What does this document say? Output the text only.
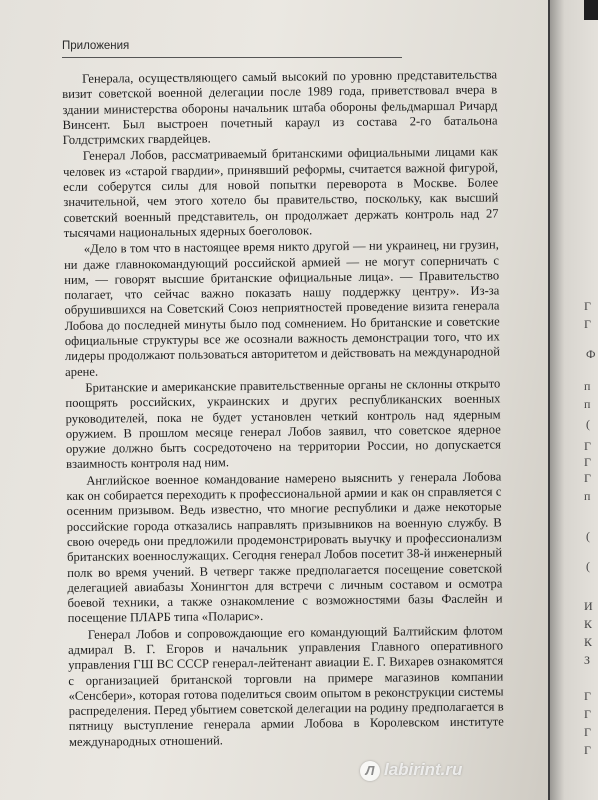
Приложения

Генерала, осуществляющего самый высокий по уровню представительства визит советской военной делегации после 1989 года, приветствовал вчера в здании министерства обороны начальник штаба обороны фельдмаршал Ричард Винсент. Был выстроен почетный караул из состава 2-го батальона Голдстримских гвардейцев.

Генерал Лобов, рассматриваемый британскими официальными лицами как человек из «старой гвардии», принявший реформы, считается важной фигурой, если соберутся силы для новой попытки переворота в Москве. Более значительной, чем этого хотело бы правительство, поскольку, как высший советский военный представитель, он продолжает держать контроль над 27 тысячами национальных ядерных боеголовок.

«Дело в том что в настоящее время никто другой — ни украинец, ни грузин, ни даже главнокомандующий российской армией — не могут соперничать с ним, — говорят высшие британские официальные лица». — Правительство полагает, что сейчас важно показать нашу поддержку центру». Из-за обрушившихся на Советский Союз неприятностей проведение визита генерала Лобова до последней минуты было под сомнением. Но британские и советские официальные структуры все же осознали важность демонстрации того, что их лидеры продолжают пользоваться авторитетом и действовать на международной арене.

Британские и американские правительственные органы не склонны открыто поощрять российских, украинских и других республиканских военных руководителей, пока не будет установлен четкий контроль над ядерным оружием. В прошлом месяце генерал Лобов заявил, что советское ядерное оружие должно быть сосредоточено на территории России, но допускается взаимность контроля над ним.

Английское военное командование намерено выяснить у генерала Лобова как он собирается переходить к профессиональной армии и как он справляется с осенним призывом. Ведь известно, что многие республики и даже некоторые российские города отказались направлять призывников на военную службу. В свою очередь они предложили продемонстрировать выучку и профессионализм британских военнослужащих. Сегодня генерал Лобов посетит 38-й инженерный полк во время учений. В четверг также предполагается посещение советской делегацией авиабазы Хонингтон для встречи с личным составом и осмотра боевой техники, а также ознакомление с возможностями базы Фаслейн и посещение ПЛАРБ типа «Поларис».

Генерал Лобов и сопровождающие его командующий Балтийским флотом адмирал В. Г. Егоров и начальник управления Главного оперативного управления ГШ ВС СССР генерал-лейтенант авиации Е. Г. Вихарев ознакомятся с организацией британской торговли на примере магазинов компании «Сенсбери», которая готова поделиться своим опытом в реконструкции системы распределения. Перед убытием советской делегации на родину предполагается в пятницу выступление генерала армии Лобова в Королевском институте международных отношений.

Л labirint.ru
Г
Г
Ф
п
п
(
Г
Г
Г
п
(
(
И
К
К
З
Г
Г
Г
Г
